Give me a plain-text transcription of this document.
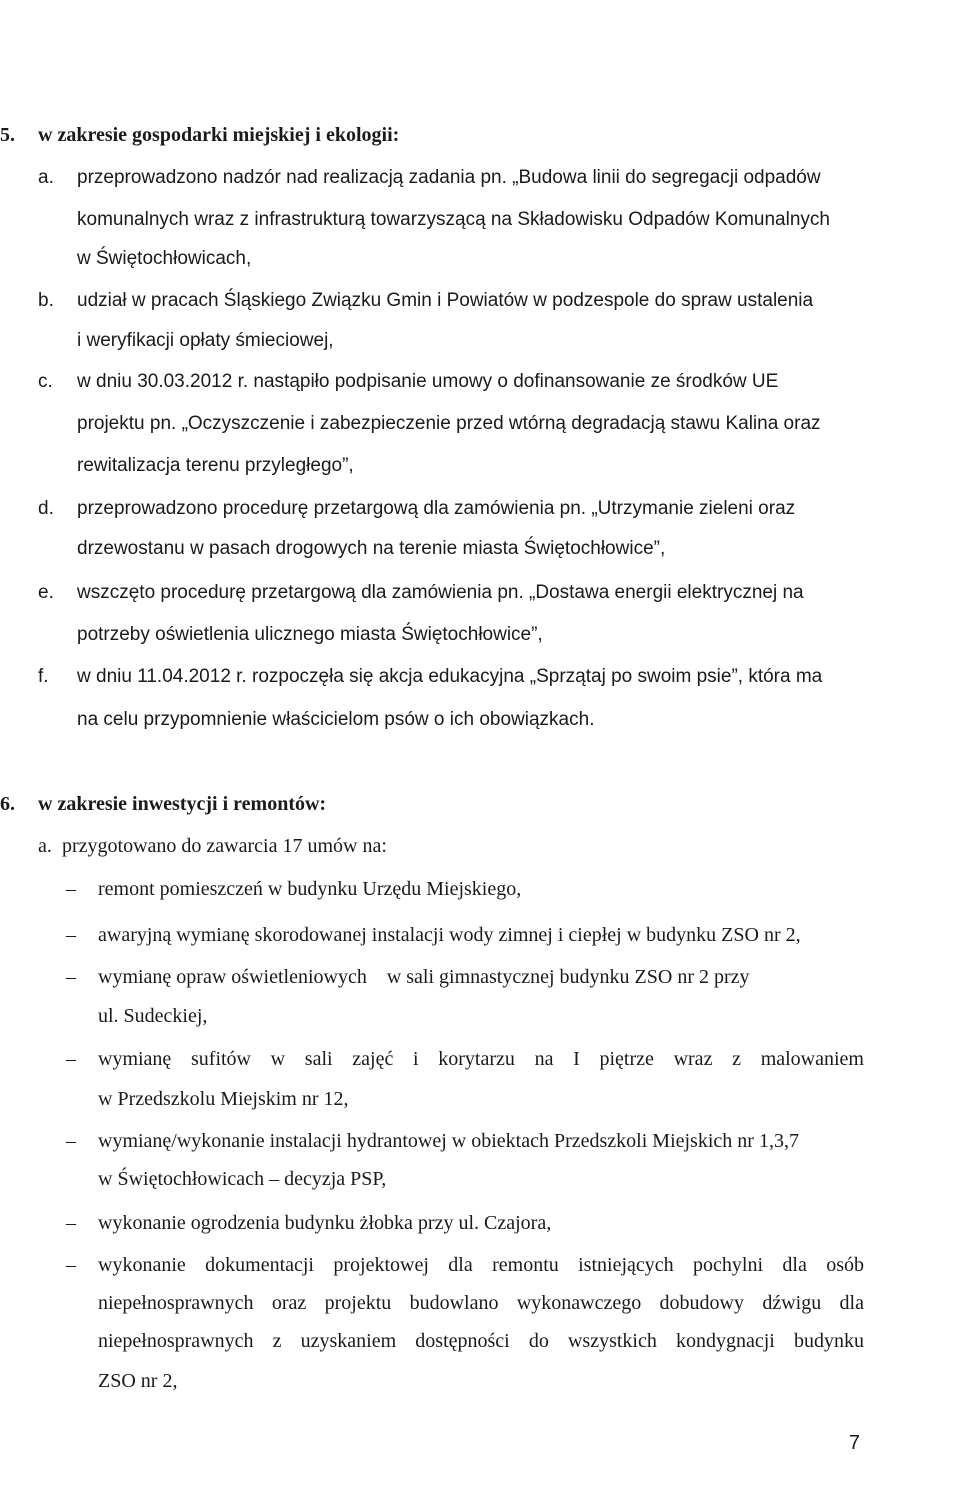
5. w zakresie gospodarki miejskiej i ekologii:
a. przeprowadzono nadzór nad realizacją zadania pn. „Budowa linii do segregacji odpadów
komunalnych wraz z infrastrukturą towarzyszącą na Składowisku Odpadów Komunalnych
w Świętochłowicach,
b. udział w pracach Śląskiego Związku Gmin i Powiatów w podzespole do spraw ustalenia
i weryfikacji opłaty śmieciowej,
c. w dniu 30.03.2012 r. nastąpiło podpisanie umowy o dofinansowanie ze środków UE
projektu pn. „Oczyszczenie i zabezpieczenie przed wtórną degradacją stawu Kalina oraz
rewitalizacja terenu przyległego”,
d. przeprowadzono procedurę przetargową dla zamówienia pn. „Utrzymanie zieleni oraz
drzewostanu w pasach drogowych na terenie miasta Świętochłowice”,
e. wszczęto procedurę przetargową dla zamówienia pn. „Dostawa energii elektrycznej na
potrzeby oświetlenia ulicznego miasta Świętochłowice”,
f. w dniu 11.04.2012 r. rozpoczęła się akcja edukacyjna „Sprzątaj po swoim psie”, która ma
na celu przypomnienie właścicielom psów o ich obowiązkach.
6. w zakresie inwestycji i remontów:
a. przygotowano do zawarcia 17 umów na:
– remont pomieszczeń w budynku Urzędu Miejskiego,
– awaryjną wymianę skorodowanej instalacji wody zimnej i ciepłej w budynku ZSO nr 2,
– wymianę opraw oświetleniowych    w sali gimnastycznej budynku ZSO nr 2 przy
ul. Sudeckiej,
– wymianę sufitów w sali zajęć i korytarzu na I piętrze wraz z malowaniem
w Przedszkolu Miejskim nr 12,
– wymianę/wykonanie instalacji hydrantowej w obiektach Przedszkoli Miejskich nr 1,3,7
w Świętochłowicach – decyzja PSP,
– wykonanie ogrodzenia budynku żłobka przy ul. Czajora,
– wykonanie dokumentacji projektowej dla remontu istniejących pochylni dla osób
niepełnosprawnych oraz projektu budowlano wykonawczego dobudowy dźwigu dla
niepełnosprawnych z uzyskaniem dostępności do wszystkich kondygnacji budynku
ZSO nr 2,
7
